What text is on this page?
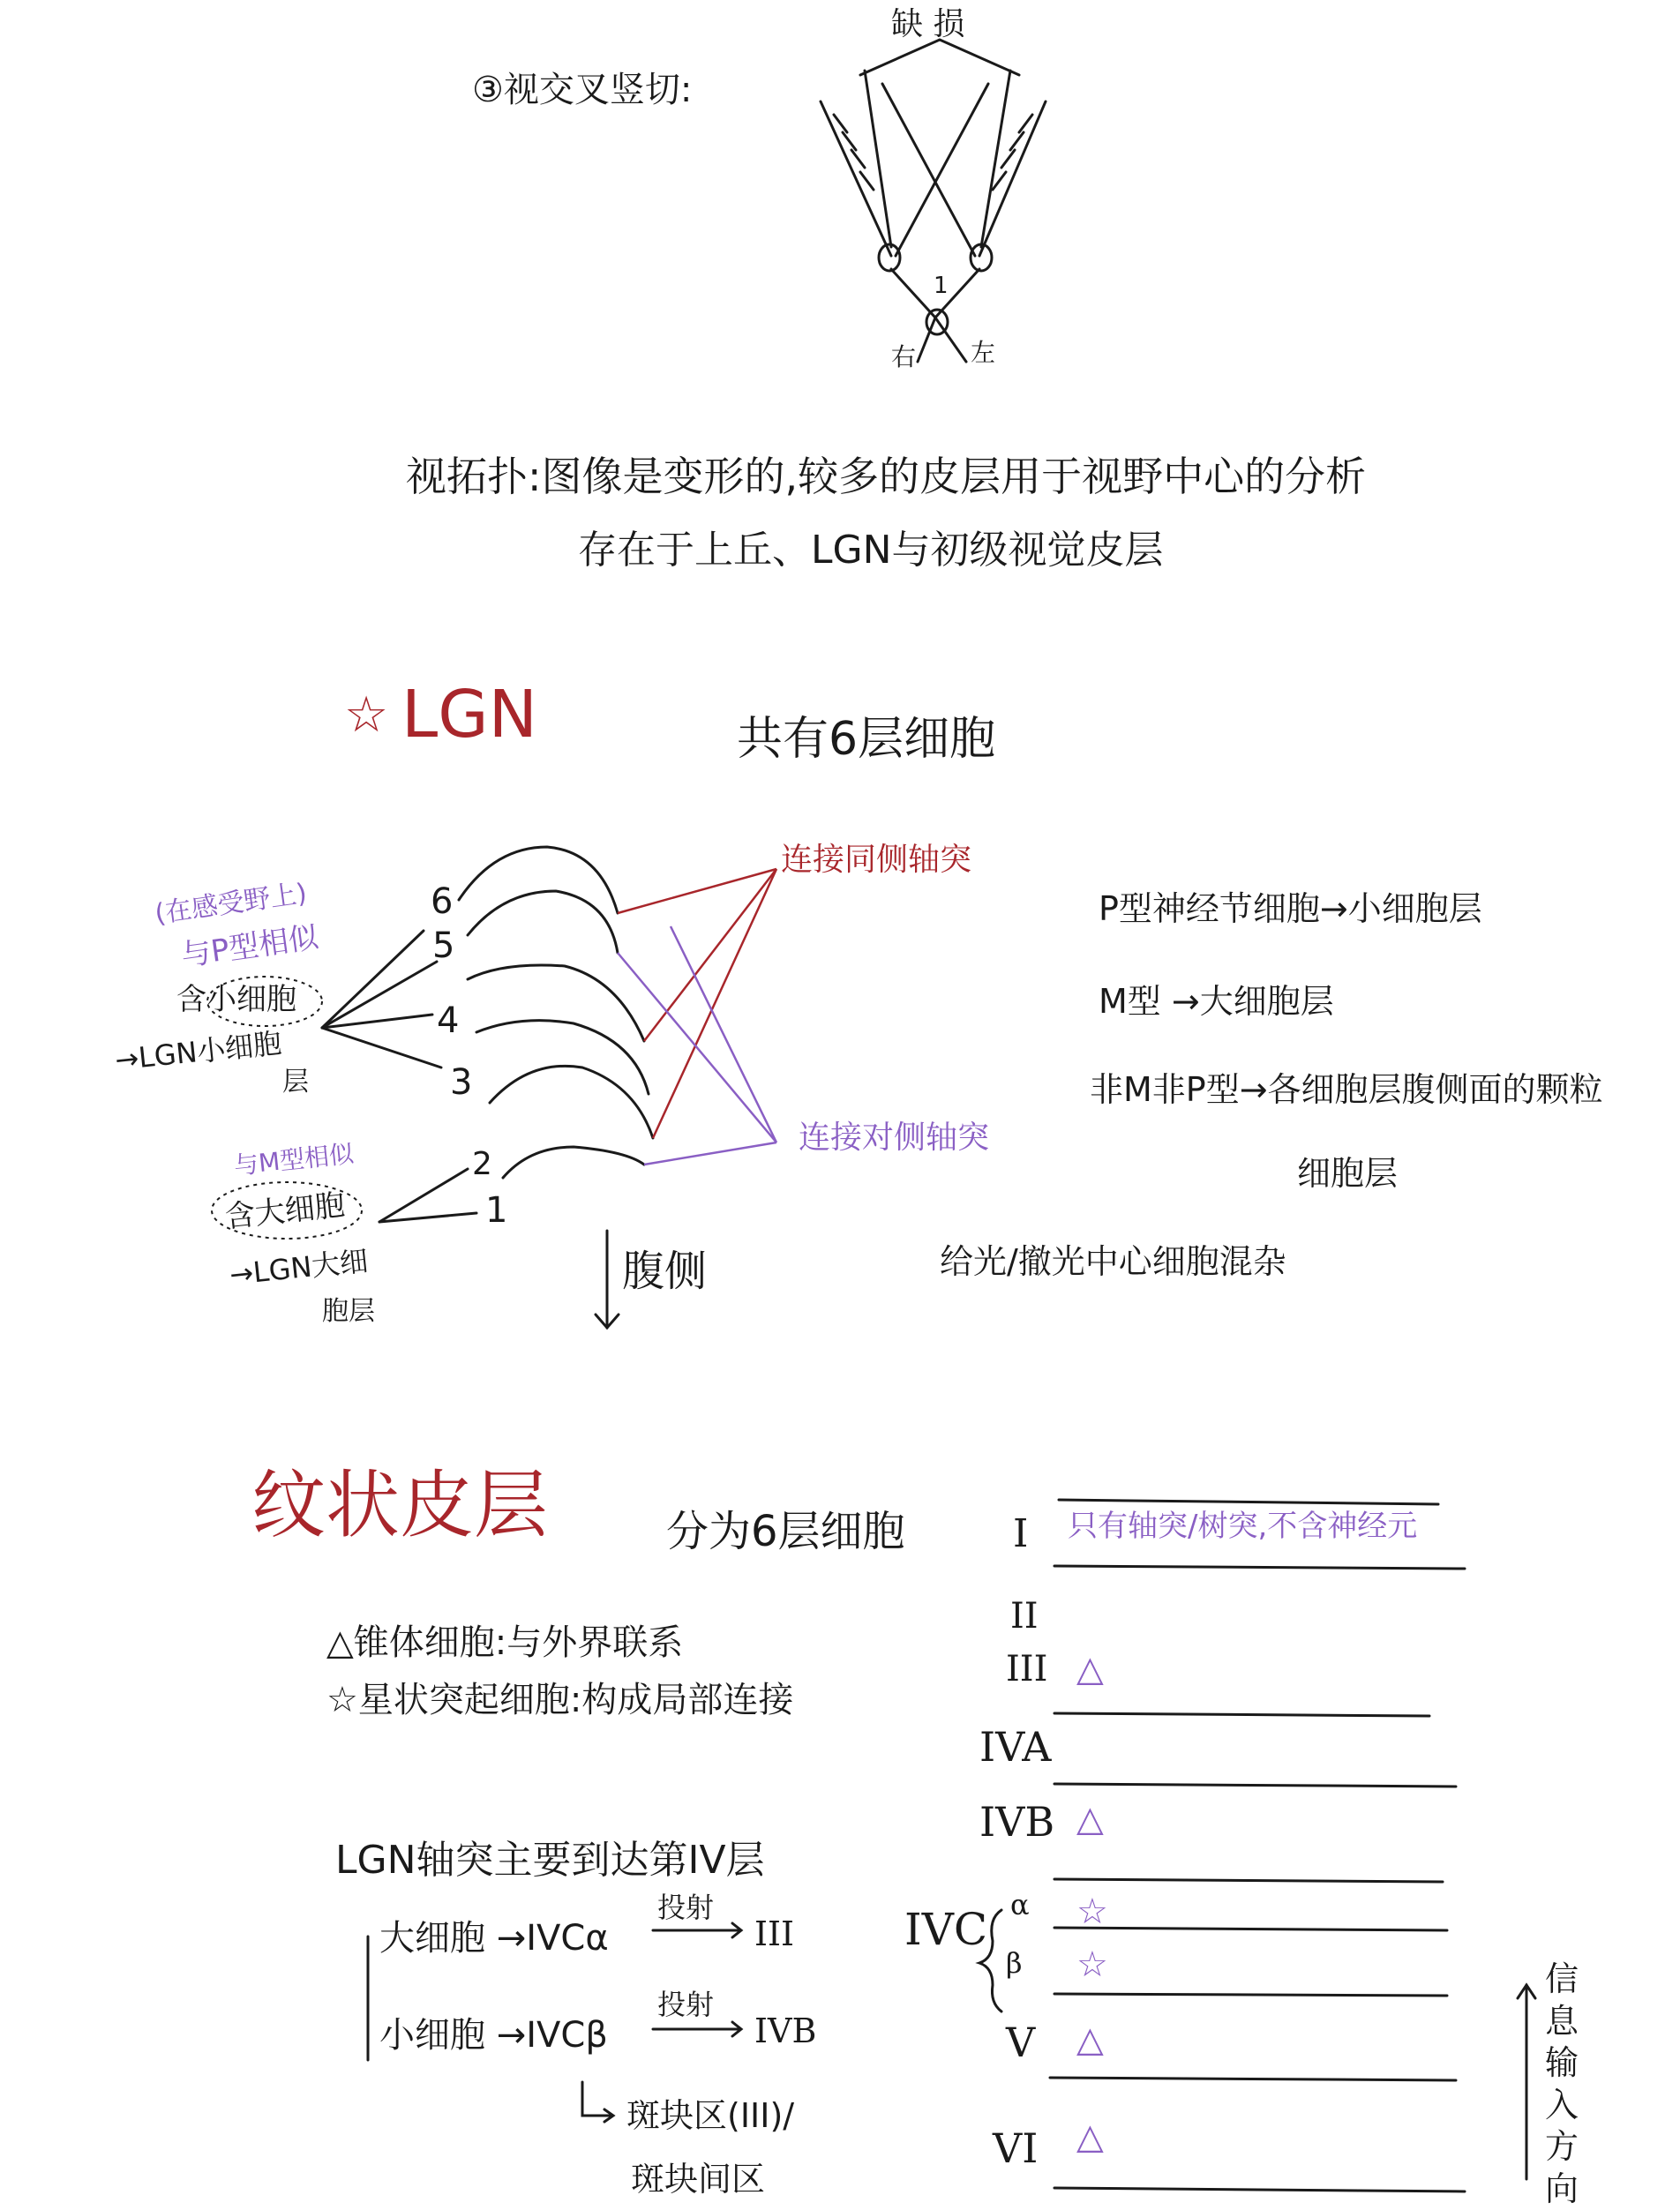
③视交叉竖切:
缺 损
1
右 左
视拓扑:图像是变形的,较多的皮层用于视野中心的分析
存在于上丘、LGN与初级视觉皮层
☆ LGN	共有6层细胞
6
5
4
3
2
1
连接同侧轴突
连接对侧轴突
(在感受野上)
与P型相似
含小细胞
→LGN小细胞
层
与M型相似
含大细胞
→LGN大细
胞层
腹侧
P型神经节细胞→小细胞层
M型 →大细胞层
非M非P型→各细胞层腹侧面的颗粒
细胞层
给光/撤光中心细胞混杂
纹状皮层	分为6层细胞
△锥体细胞:与外界联系
☆星状突起细胞:构成局部连接
LGN轴突主要到达第IV层
大细胞 →IVCα
投射
III
小细胞 →IVCβ
投射
IVB
斑块区(III)/
斑块间区
I 只有轴突/树突,不含神经元
II
III △
IVA
IVB △
IVC α
β
☆
☆
V △
VI △
信息输入方向
